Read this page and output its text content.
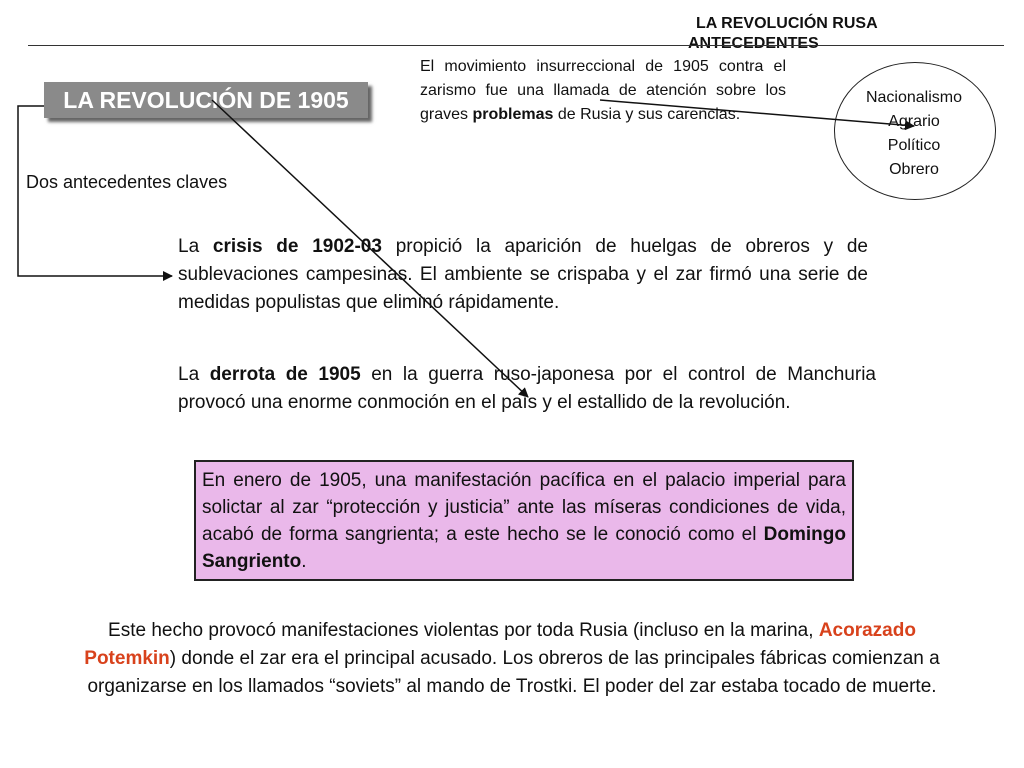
LA REVOLUCIÓN RUSA
ANTECEDENTES
LA REVOLUCIÓN DE 1905
El movimiento insurreccional de 1905 contra el zarismo fue una llamada de atención sobre los graves problemas de Rusia y sus carencias.
Nacionalismo
Agrario
Político
Obrero
Dos antecedentes claves
La crisis de 1902-03 propició la aparición de huelgas de obreros y de sublevaciones campesinas. El ambiente se crispaba y el zar firmó una serie de medidas populistas que eliminó rápidamente.
La derrota de 1905 en la guerra ruso-japonesa por el control de Manchuria provocó una enorme conmoción en el país y el estallido de la revolución.
En enero de 1905, una manifestación pacífica en el palacio imperial para solictar al zar “protección y justicia” ante las míseras condiciones de vida, acabó de forma sangrienta; a este hecho se le conoció como el Domingo Sangriento.
Este hecho provocó manifestaciones violentas por toda Rusia (incluso en la marina, Acorazado Potemkin) donde el zar era el principal acusado. Los obreros de las principales fábricas comienzan a organizarse en los llamados “soviets” al mando de Trostki. El poder del zar estaba tocado de muerte.
